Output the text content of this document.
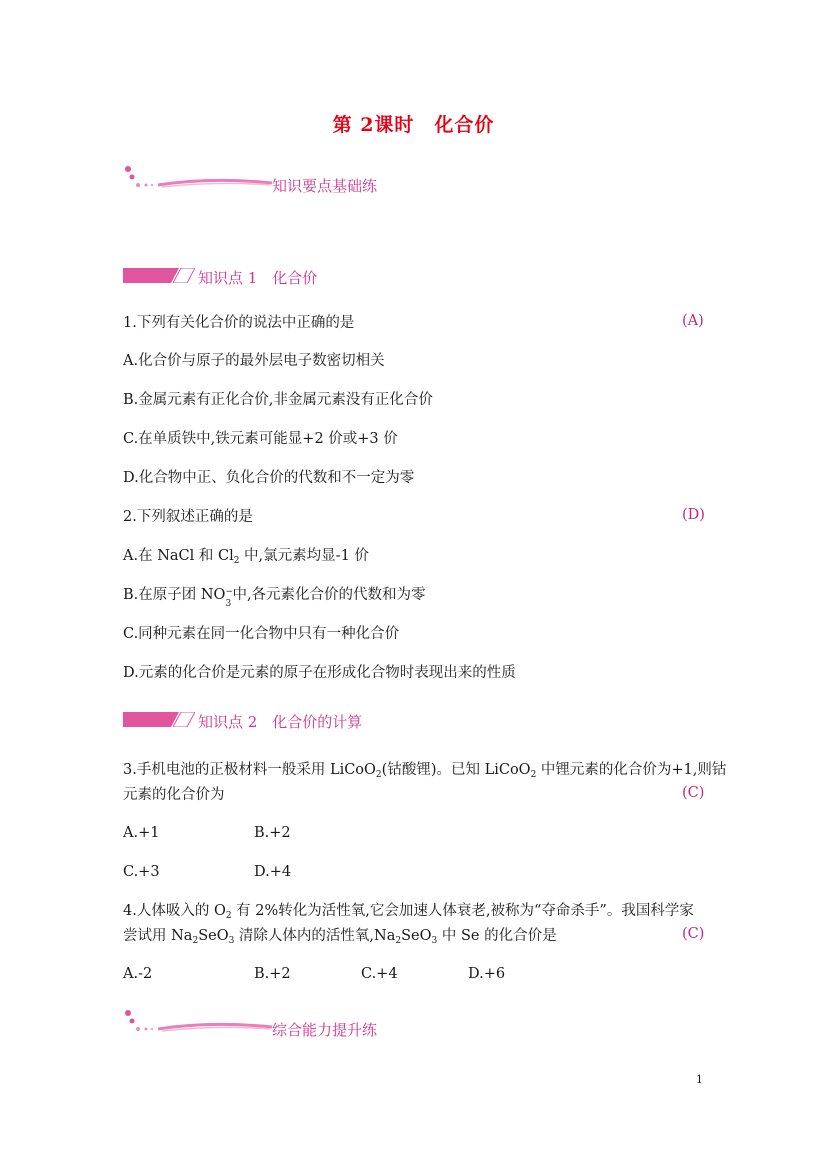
第 2课时　化合价
知识要点基础练
知识点 1　化合价
1.下列有关化合价的说法中正确的是	(A)
A.化合价与原子的最外层电子数密切相关
B.金属元素有正化合价,非金属元素没有正化合价
C.在单质铁中,铁元素可能显+2 价或+3 价
D.化合物中正、负化合价的代数和不一定为零
2.下列叙述正确的是	(D)
A.在 NaCl 和 $Cl_2$ 中,氯元素均显-1 价
B.在原子团 NO −
3
中,各元素化合价的代数和为零
C.同种元素在同一化合物中只有一种化合价
D.元素的化合价是元素的原子在形成化合物时表现出来的性质
知识点 2　化合价的计算
3.手机电池的正极材料一般采用 LiCoO$_2$(钴酸锂)。已知 LiCoO$_2$ 中锂元素的化合价为+1,则钴
元素的化合价为	(C)
A.+1	B.+2
C.+3	D.+4
4.人体吸入的 $O_2$ 有 2%转化为活性氧,它会加速人体衰老,被称为“夺命杀手”。我国科学家
尝试用 $Na_2SeO_3$ 清除人体内的活性氧$,Na_2SeO_3$ 中 Se 的化合价是	(C)
A.-2	B.+2	C.+4	D.+6
综合能力提升练
1
